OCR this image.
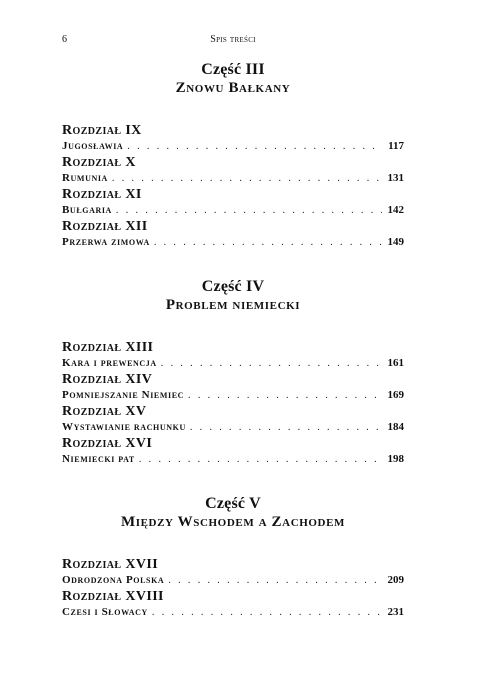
6	Spis treści
Część III
Znowu Bałkany
Rozdział IX
Jugosławia . . .	117
Rozdział X
Rumunia . . .	131
Rozdział XI
Bułgaria . . .	142
Rozdział XII
Przerwa zimowa . . .	149
Część IV
Problem niemiecki
Rozdział XIII
Kara i prewencja . . .	161
Rozdział XIV
Pomniejszanie Niemiec . . .	169
Rozdział XV
Wystawianie rachunku . . .	184
Rozdział XVI
Niemiecki pat . . .	198
Część V
Między Wschodem a Zachodem
Rozdział XVII
Odrodzona Polska . . .	209
Rozdział XVIII
Czesi i Słowacy . . .	231
